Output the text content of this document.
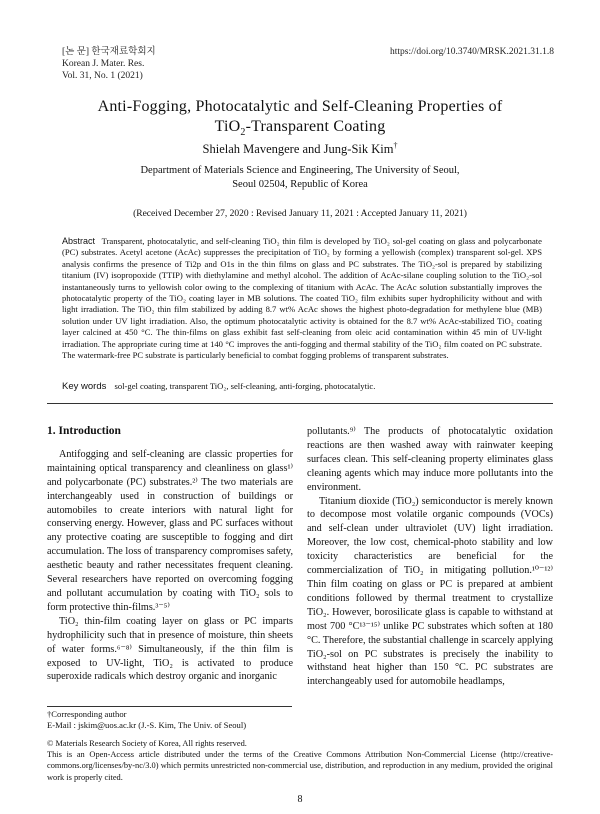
[논 문] 한국재료학회지
Korean J. Mater. Res.
Vol. 31, No. 1 (2021)
https://doi.org/10.3740/MRSK.2021.31.1.8
Anti-Fogging, Photocatalytic and Self-Cleaning Properties of
TiO$_2$-Transparent Coating
Shielah Mavengere and Jung-Sik Kim†
Department of Materials Science and Engineering, The University of Seoul,
Seoul 02504, Republic of Korea
(Received December 27, 2020 : Revised January 11, 2021 : Accepted January 11, 2021)
Abstract Transparent, photocatalytic, and self-cleaning TiO₂ thin film is developed by TiO₂ sol-gel coating on glass and polycarbonate (PC) substrates. Acetyl acetone (AcAc) suppresses the precipitation of TiO₂ by forming a yellowish (complex) transparent sol-gel. XPS analysis confirms the presence of Ti2p and O1s in the thin films on glass and PC substrates. The TiO₂-sol is prepared by stabilizing titanium (IV) isopropoxide (TTIP) with diethylamine and methyl alcohol. The addition of AcAc-silane coupling solution to the TiO₂-sol instantaneously turns to yellowish color owing to the complexing of titanium with AcAc. The AcAc solution substantially improves the photocatalytic property of the TiO₂ coating layer in MB solutions. The coated TiO₂ film exhibits super hydrophilicity without and with light irradiation. The TiO₂ thin film stabilized by adding 8.7 wt% AcAc shows the highest photo-degradation for methylene blue (MB) solution under UV light irradiation. Also, the optimum photocatalytic activity is obtained for the 8.7 wt% AcAc-stabilized TiO₂ coating layer calcined at 450 °C. The thin-films on glass exhibit fast self-cleaning from oleic acid contamination within 45 min of UV-light irradiation. The appropriate curing time at 140 °C improves the anti-fogging and thermal stability of the TiO₂ film coated on PC substrate. The watermark-free PC substrate is particularly beneficial to combat fogging problems of transparent substrates.
Key words sol-gel coating, transparent TiO₂, self-cleaning, anti-forging, photocatalytic.
1. Introduction

Antifogging and self-cleaning are classic properties for maintaining optical transparency and cleanliness on glass¹⁾ and polycarbonate (PC) substrates.²⁾ The two materials are interchangeably used in construction of buildings or automobiles to create interiors with natural light for conserving energy. However, glass and PC surfaces without any protective coating are susceptible to fogging and dirt accumulation. The loss of transparency compromises safety, aesthetic beauty and rather necessitates frequent cleaning. Several researchers have reported on overcoming fogging and pollutant accumulation by coating with TiO₂ sols to form protective thin-films.³⁻⁵⁾

TiO₂ thin-film coating layer on glass or PC imparts hydrophilicity such that in presence of moisture, thin sheets of water forms.⁶⁻⁸⁾ Simultaneously, if the thin film is exposed to UV-light, TiO₂ is activated to produce superoxide radicals which destroy organic and inorganic

pollutants.⁹⁾ The products of photocatalytic oxidation reactions are then washed away with rainwater keeping surfaces clean. This self-cleaning property eliminates glass cleaning agents which may induce more pollutants into the environment.

Titanium dioxide (TiO₂) semiconductor is merely known to decompose most volatile organic compounds (VOCs) and self-clean under ultraviolet (UV) light irradiation. Moreover, the low cost, chemical-photo stability and low toxicity characteristics are beneficial for the commercialization of TiO₂ in mitigating pollution.¹⁰⁻¹²⁾ Thin film coating on glass or PC is prepared at ambient conditions followed by thermal treatment to crystallize TiO₂. However, borosilicate glass is capable to withstand at most 700 °C¹³⁻¹⁵⁾ unlike PC substrates which soften at 180 °C. Therefore, the substantial challenge in scarcely applying TiO₂-sol on PC substrates is precisely the inability to withstand heat higher than 150 °C. PC substrates are interchangeably used for automobile headlamps,

†Corresponding author
E-Mail : jskim@uos.ac.kr (J.-S. Kim, The Univ. of Seoul)
© Materials Research Society of Korea, All rights reserved.
This is an Open-Access article distributed under the terms of the Creative Commons Attribution Non-Commercial License (http://creative-commons.org/licenses/by-nc/3.0) which permits unrestricted non-commercial use, distribution, and reproduction in any medium, provided the original work is properly cited.
8
